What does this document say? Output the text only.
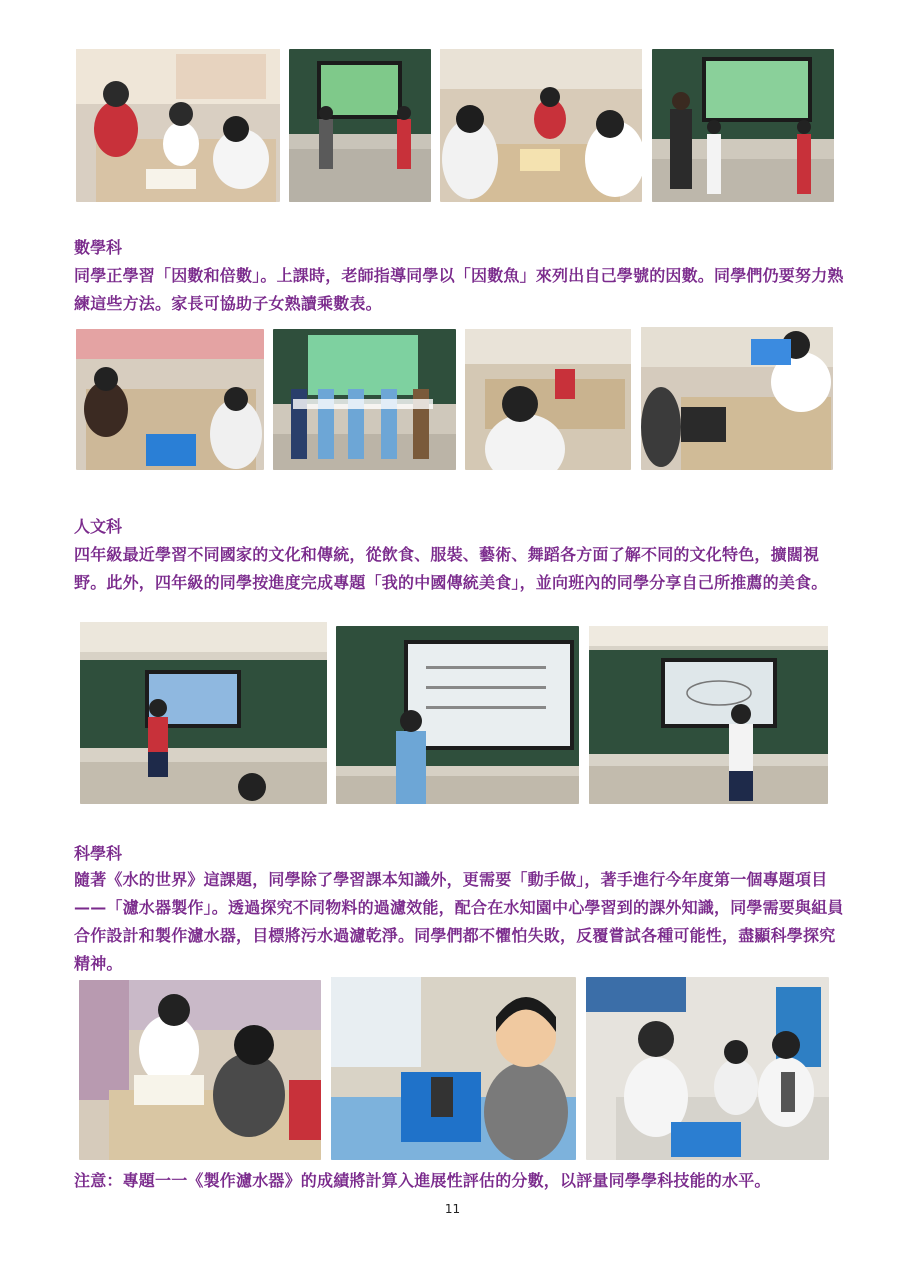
數學科

同學正學習「因數和倍數」。上課時，老師指導同學以「因數魚」來列出自己學號的因數。同學們仍要努力熟練這些方法。家長可協助子女熟讀乘數表。

人文科

四年級最近學習不同國家的文化和傳統，從飲食、服裝、藝術、舞蹈各方面了解不同的文化特色，擴闊視野。此外，四年級的同學按進度完成專題「我的中國傳統美食」，並向班內的同學分享自己所推薦的美食。

科學科

隨著《水的世界》這課題，同學除了學習課本知識外，更需要「動手做」，著手進行今年度第一個專題項目——「濾水器製作」。透過探究不同物料的過濾效能，配合在水知園中心學習到的課外知識，同學需要與組員合作設計和製作濾水器，目標將污水過濾乾淨。同學們都不懼怕失敗，反覆嘗試各種可能性，盡顯科學探究精神。

注意：專題一一《製作濾水器》的成績將計算入進展性評估的分數，以評量同學學科技能的水平。

11
